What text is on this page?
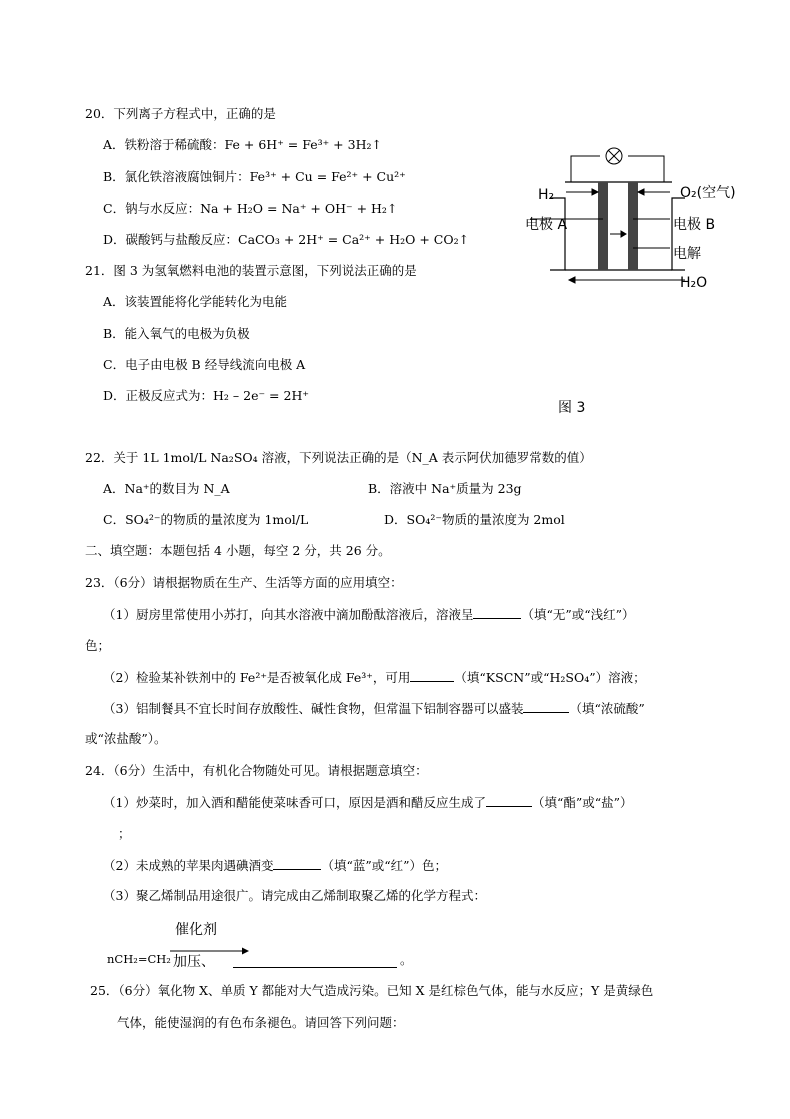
20．下列离子方程式中，正确的是
A．铁粉溶于稀硫酸：Fe + 6H⁺ = Fe³⁺ + 3H₂↑
B．氯化铁溶液腐蚀铜片：Fe³⁺ + Cu = Fe²⁺ + Cu²⁺
C．钠与水反应：Na + H₂O = Na⁺ + OH⁻ + H₂↑
D．碳酸钙与盐酸反应：CaCO₃ + 2H⁺ = Ca²⁺ + H₂O + CO₂↑
21．图 3 为氢氧燃料电池的装置示意图，下列说法正确的是
A．该装置能将化学能转化为电能
B．能入氧气的电极为负极
C．电子由电极 B 经导线流向电极 A
D．正极反应式为：H₂ – 2e⁻ = 2H⁺
H₂	O₂(空气)
电极 A	电极 B
电解
H₂O
图 3
22．关于 1L 1mol/L Na₂SO₄ 溶液，下列说法正确的是（N_A 表示阿伏加德罗常数的值）
A．Na⁺的数目为 N_A	B．溶液中 Na⁺质量为 23g
C．SO₄²⁻的物质的量浓度为 1mol/L	D．SO₄²⁻物质的量浓度为 2mol
二、填空题：本题包括 4 小题，每空 2 分，共 26 分。
23．（6分）请根据物质在生产、生活等方面的应用填空：
（1）厨房里常使用小苏打，向其水溶液中滴加酚酞溶液后，溶液呈	（填“无”或“浅红”）
色；
（2）检验某补铁剂中的 Fe²⁺是否被氧化成 Fe³⁺，可用	（填“KSCN”或“H₂SO₄”）溶液；
（3）铝制餐具不宜长时间存放酸性、碱性食物，但常温下铝制容器可以盛装	（填“浓硫酸”
或“浓盐酸”）。
24．（6分）生活中，有机化合物随处可见。请根据题意填空：
（1）炒菜时，加入酒和醋能使菜味香可口，原因是酒和醋反应生成了	（填“酯”或“盐”）
；
（2）未成熟的苹果肉遇碘酒变	（填“蓝”或“红”）色；
（3）聚乙烯制品用途很广。请完成由乙烯制取聚乙烯的化学方程式：
催化剂
nCH₂=CH₂ 加压、	。
25．（6分）氧化物 X、单质 Y 都能对大气造成污染。已知 X 是红棕色气体，能与水反应；Y 是黄绿色
气体，能使湿润的有色布条褪色。请回答下列问题：
